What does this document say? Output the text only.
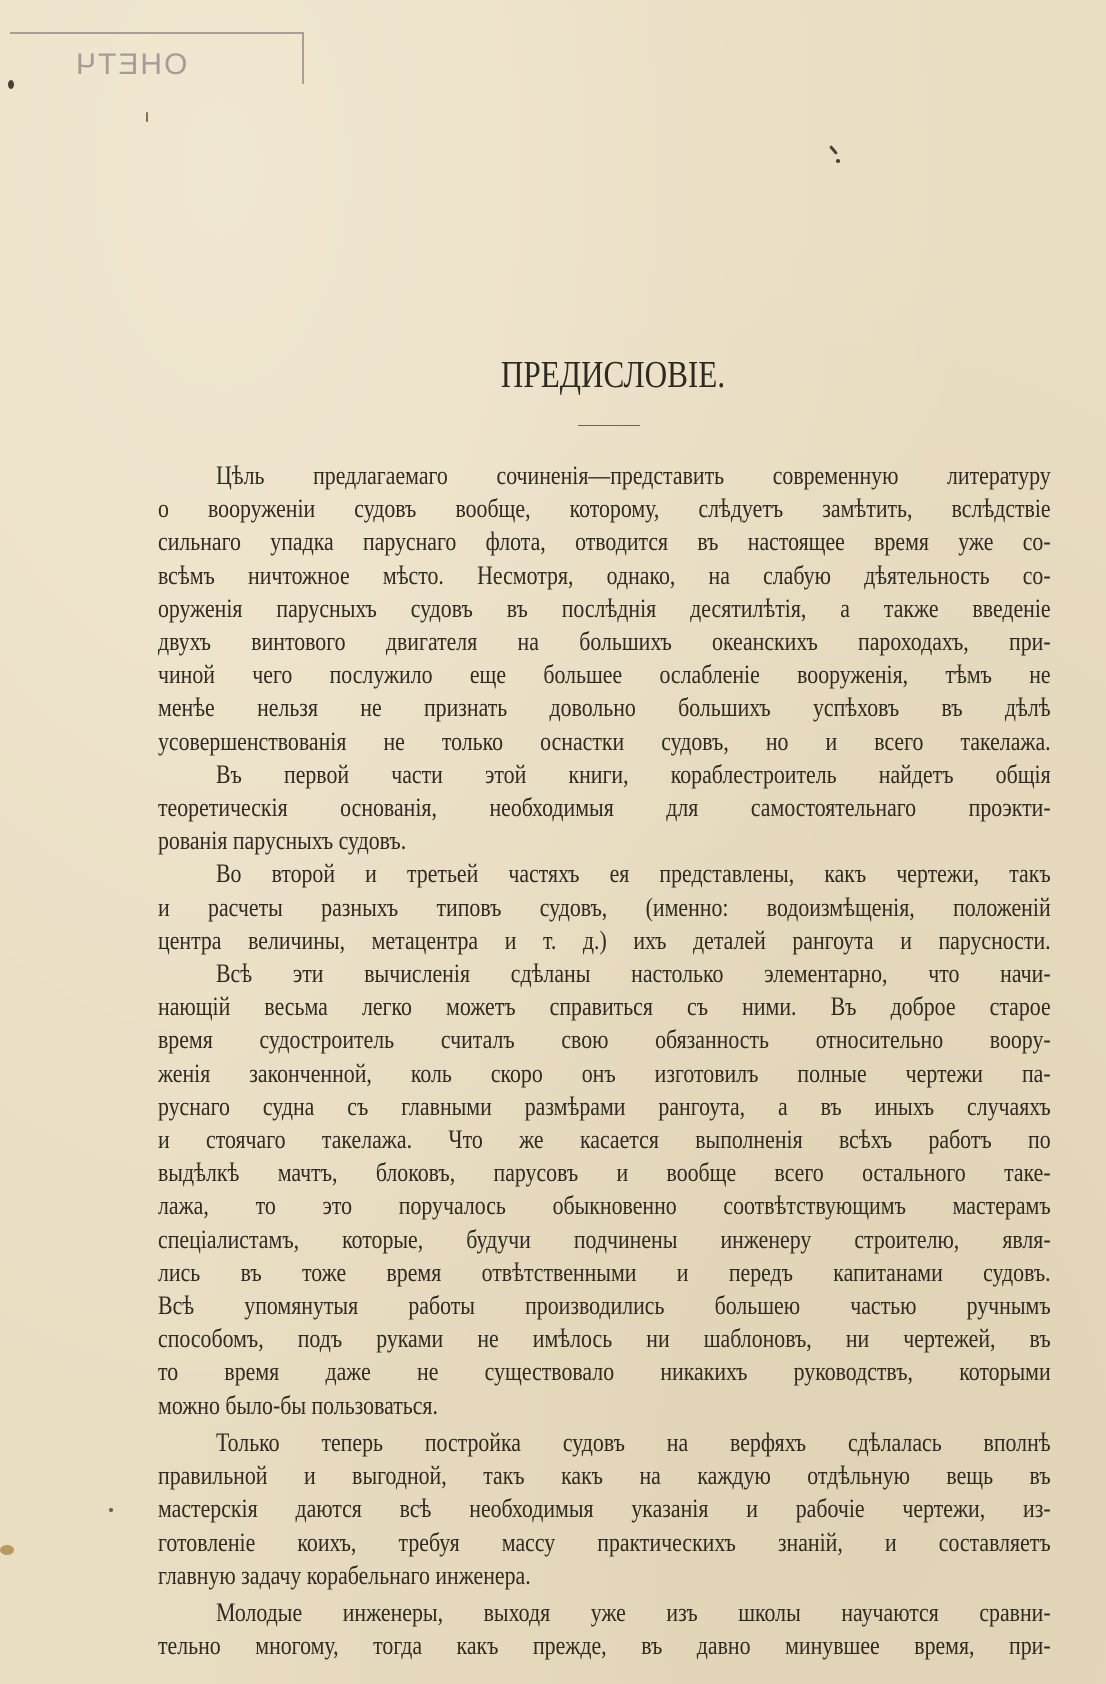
ОНЕТЧ
ПРЕДИСЛОВІЕ.
Цѣль предлагаемаго сочиненія—представить современную литературу
о вооруженіи судовъ вообще, которому, слѣдуетъ замѣтить, вслѣдствіе
сильнаго упадка паруснаго флота, отводится въ настоящее время уже со-
всѣмъ ничтожное мѣсто. Несмотря, однако, на слабую дѣятельность со-
оруженія парусныхъ судовъ въ послѣднія десятилѣтія, а также введеніе
двухъ винтового двигателя на большихъ океанскихъ пароходахъ, при-
чиной чего послужило еще большее ослабленіе вооруженія, тѣмъ не
менѣе нельзя не признать довольно большихъ успѣховъ въ дѣлѣ
усовершенствованія не только оснастки судовъ, но и всего такелажа.
Въ первой части этой книги, кораблестроитель найдетъ общія
теоретическія основанія, необходимыя для самостоятельнаго проэкти-
рованія парусныхъ судовъ.
Во второй и третьей частяхъ ея представлены, какъ чертежи, такъ
и расчеты разныхъ типовъ судовъ, (именно: водоизмѣщенія, положеній
центра величины, метацентра и т. д.) ихъ деталей рангоута и парусности.
Всѣ эти вычисленія сдѣланы настолько элементарно, что начи-
нающій весьма легко можетъ справиться съ ними. Въ доброе старое
время судостроитель считалъ свою обязанность относительно воору-
женія законченной, коль скоро онъ изготовилъ полные чертежи па-
руснаго судна съ главными размѣрами рангоута, а въ иныхъ случаяхъ
и стоячаго такелажа. Что же касается выполненія всѣхъ работъ по
выдѣлкѣ мачтъ, блоковъ, парусовъ и вообще всего остального таке-
лажа, то это поручалось обыкновенно соотвѣтствующимъ мастерамъ
спеціалистамъ, которые, будучи подчинены инженеру строителю, явля-
лись въ тоже время отвѣтственными и передъ капитанами судовъ.
Всѣ упомянутыя работы производились большею частью ручнымъ
способомъ, подъ руками не имѣлось ни шаблоновъ, ни чертежей, въ
то время даже не существовало никакихъ руководствъ, которыми
можно было-бы пользоваться.
Только теперь постройка судовъ на верфяхъ сдѣлалась вполнѣ
правильной и выгодной, такъ какъ на каждую отдѣльную вещь въ
мастерскія даются всѣ необходимыя указанія и рабочіе чертежи, из-
готовленіе коихъ, требуя массу практическихъ знаній, и составляетъ
главную задачу корабельнаго инженера.
Молодые инженеры, выходя уже изъ школы научаются сравни-
тельно многому, тогда какъ прежде, въ давно минувшее время, при-
